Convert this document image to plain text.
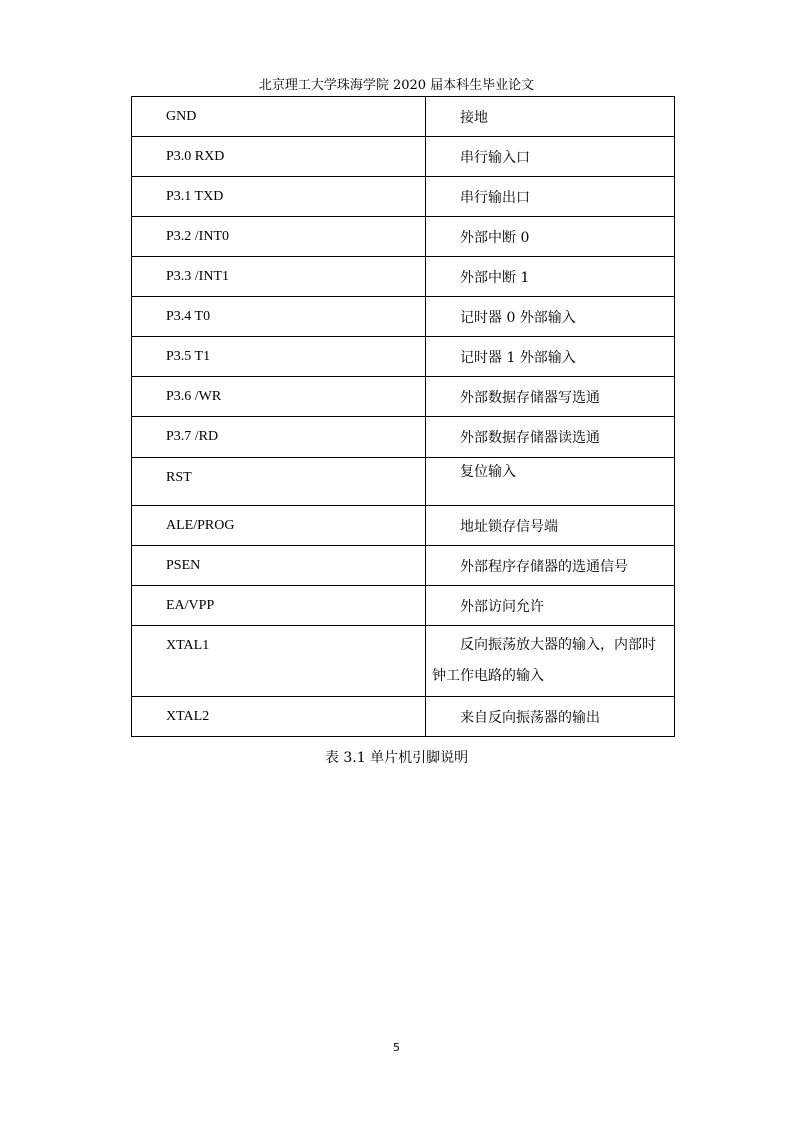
北京理工大学珠海学院 2020 届本科生毕业论文
GND	接地
P3.0 RXD	串行输入口
P3.1 TXD	串行输出口
P3.2 /INT0	外部中断 0
P3.3 /INT1	外部中断 1
P3.4 T0	记时器 0 外部输入
P3.5 T1	记时器 1 外部输入
P3.6 /WR	外部数据存储器写选通
P3.7 /RD	外部数据存储器读选通
RST	复位输入
ALE/PROG	地址锁存信号端
PSEN	外部程序存储器的选通信号
EA/VPP	外部访问允许
XTAL1	反向振荡放大器的输入，内部时钟工作电路的输入

XTAL2	来自反向振荡器的输出
表 3.1 单片机引脚说明
5
